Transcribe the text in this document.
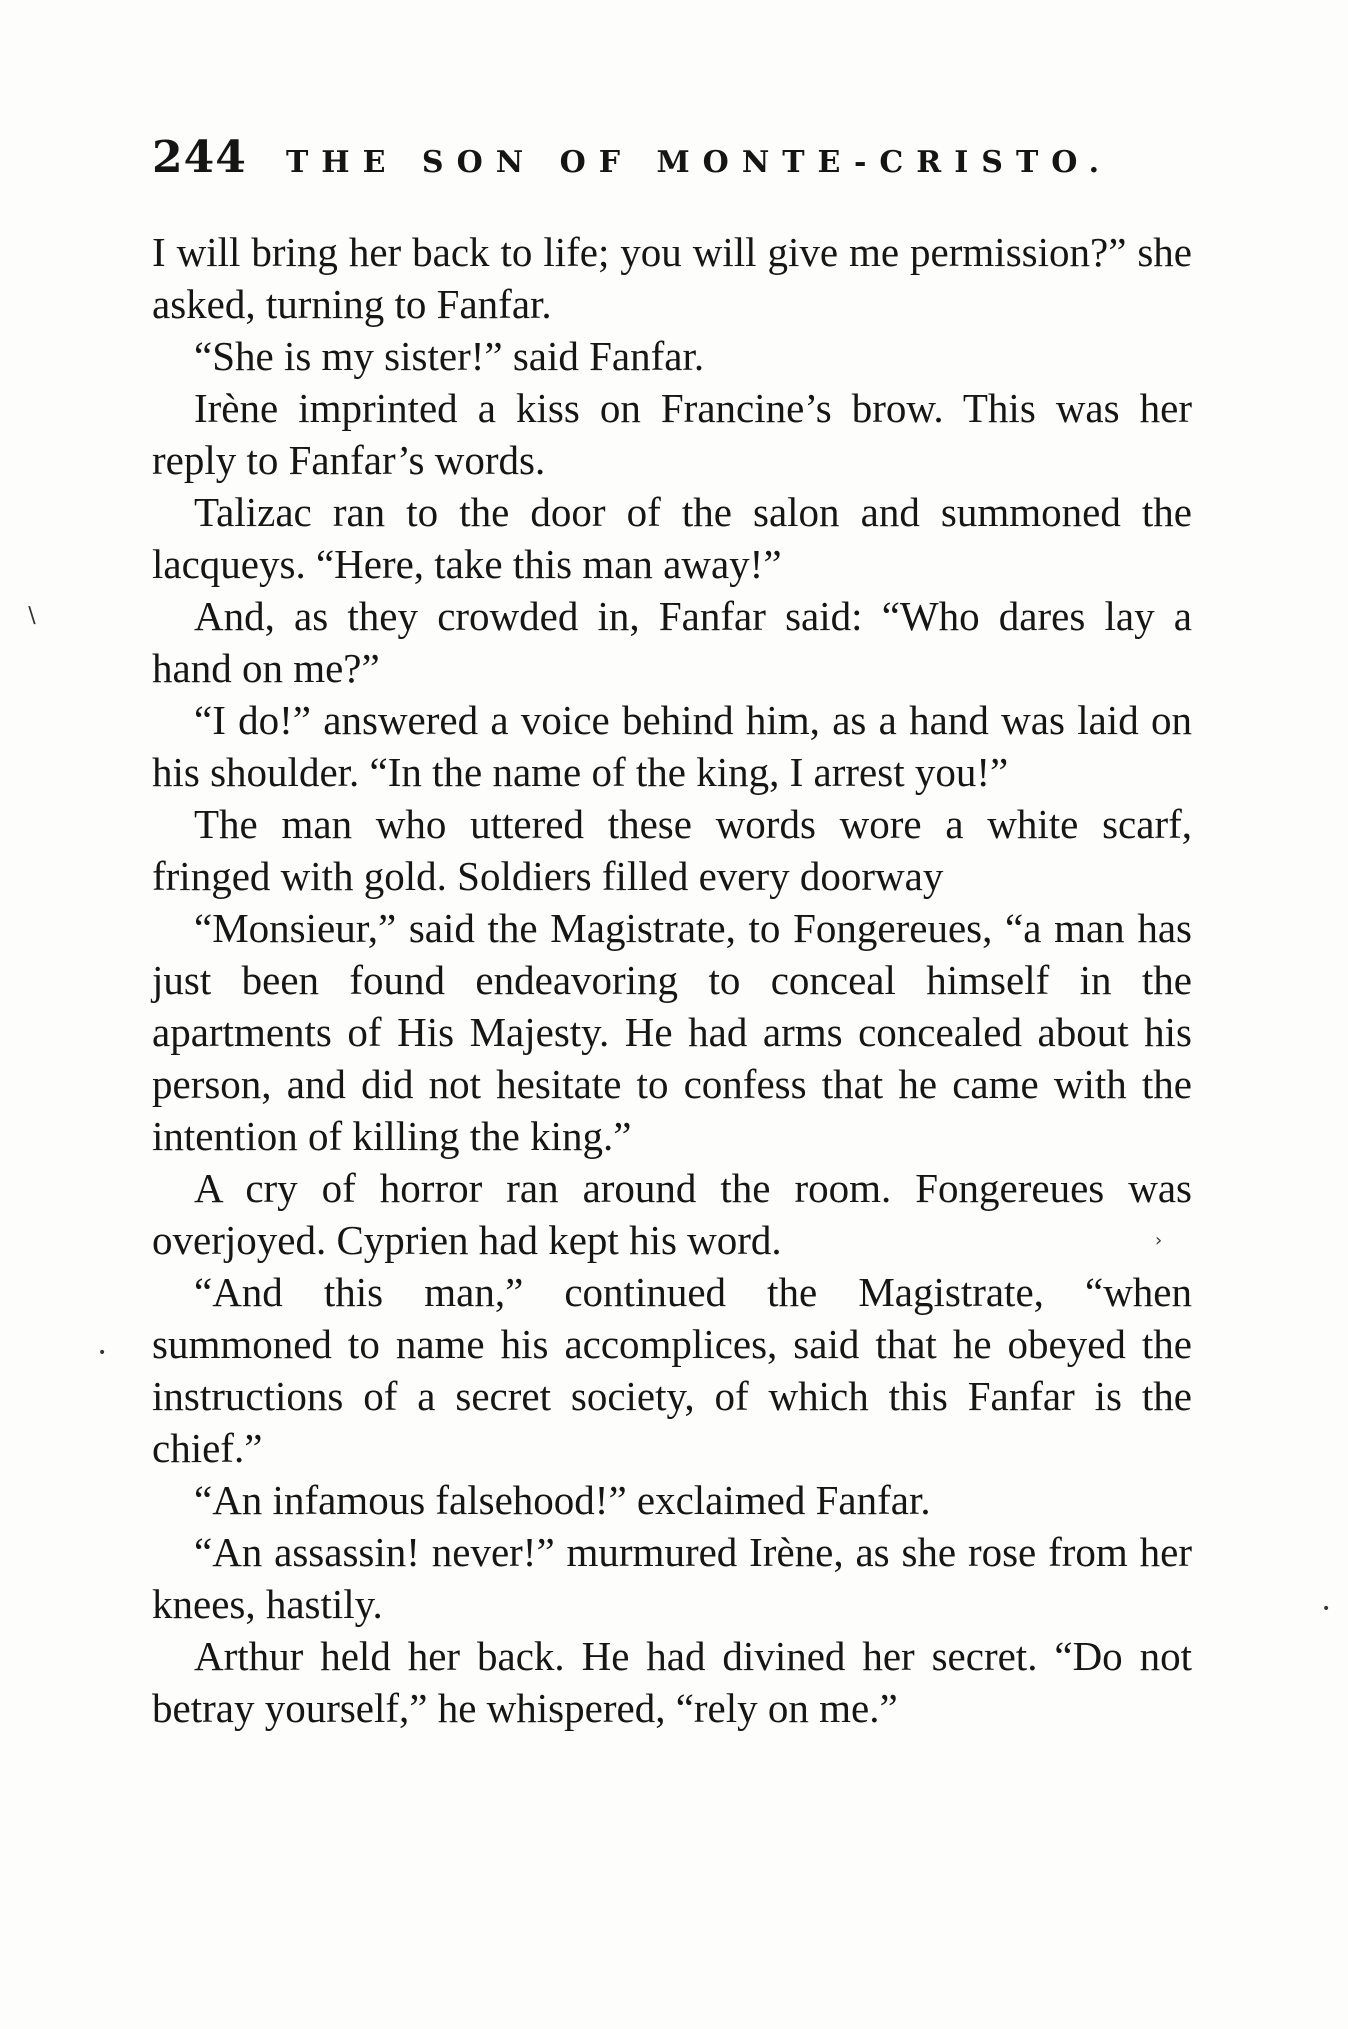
244 THE SON OF MONTE-CRISTO.

I will bring her back to life; you will give me permission?” she asked, turning to Fanfar.

“She is my sister!” said Fanfar.

Irène imprinted a kiss on Francine’s brow. This was her reply to Fanfar’s words.

Talizac ran to the door of the salon and summoned the lacqueys. “Here, take this man away!”

And, as they crowded in, Fanfar said: “Who dares lay a hand on me?”

“I do!” answered a voice behind him, as a hand was laid on his shoulder. “In the name of the king, I arrest you!”

The man who uttered these words wore a white scarf, fringed with gold. Soldiers filled every doorway

“Monsieur,” said the Magistrate, to Fongereues, “a man has just been found endeavoring to conceal himself in the apartments of His Majesty. He had arms concealed about his person, and did not hesitate to confess that he came with the intention of killing the king.”

A cry of horror ran around the room. Fongereues was overjoyed. Cyprien had kept his word.

“And this man,” continued the Magistrate, “when summoned to name his accomplices, said that he obeyed the instructions of a secret society, of which this Fanfar is the chief.”

“An infamous falsehood!” exclaimed Fanfar.

“An assassin! never!” murmured Irène, as she rose from her knees, hastily.

Arthur held her back. He had divined her secret. “Do not betray yourself,” he whispered, “rely on me.”

∖
•
›
•
